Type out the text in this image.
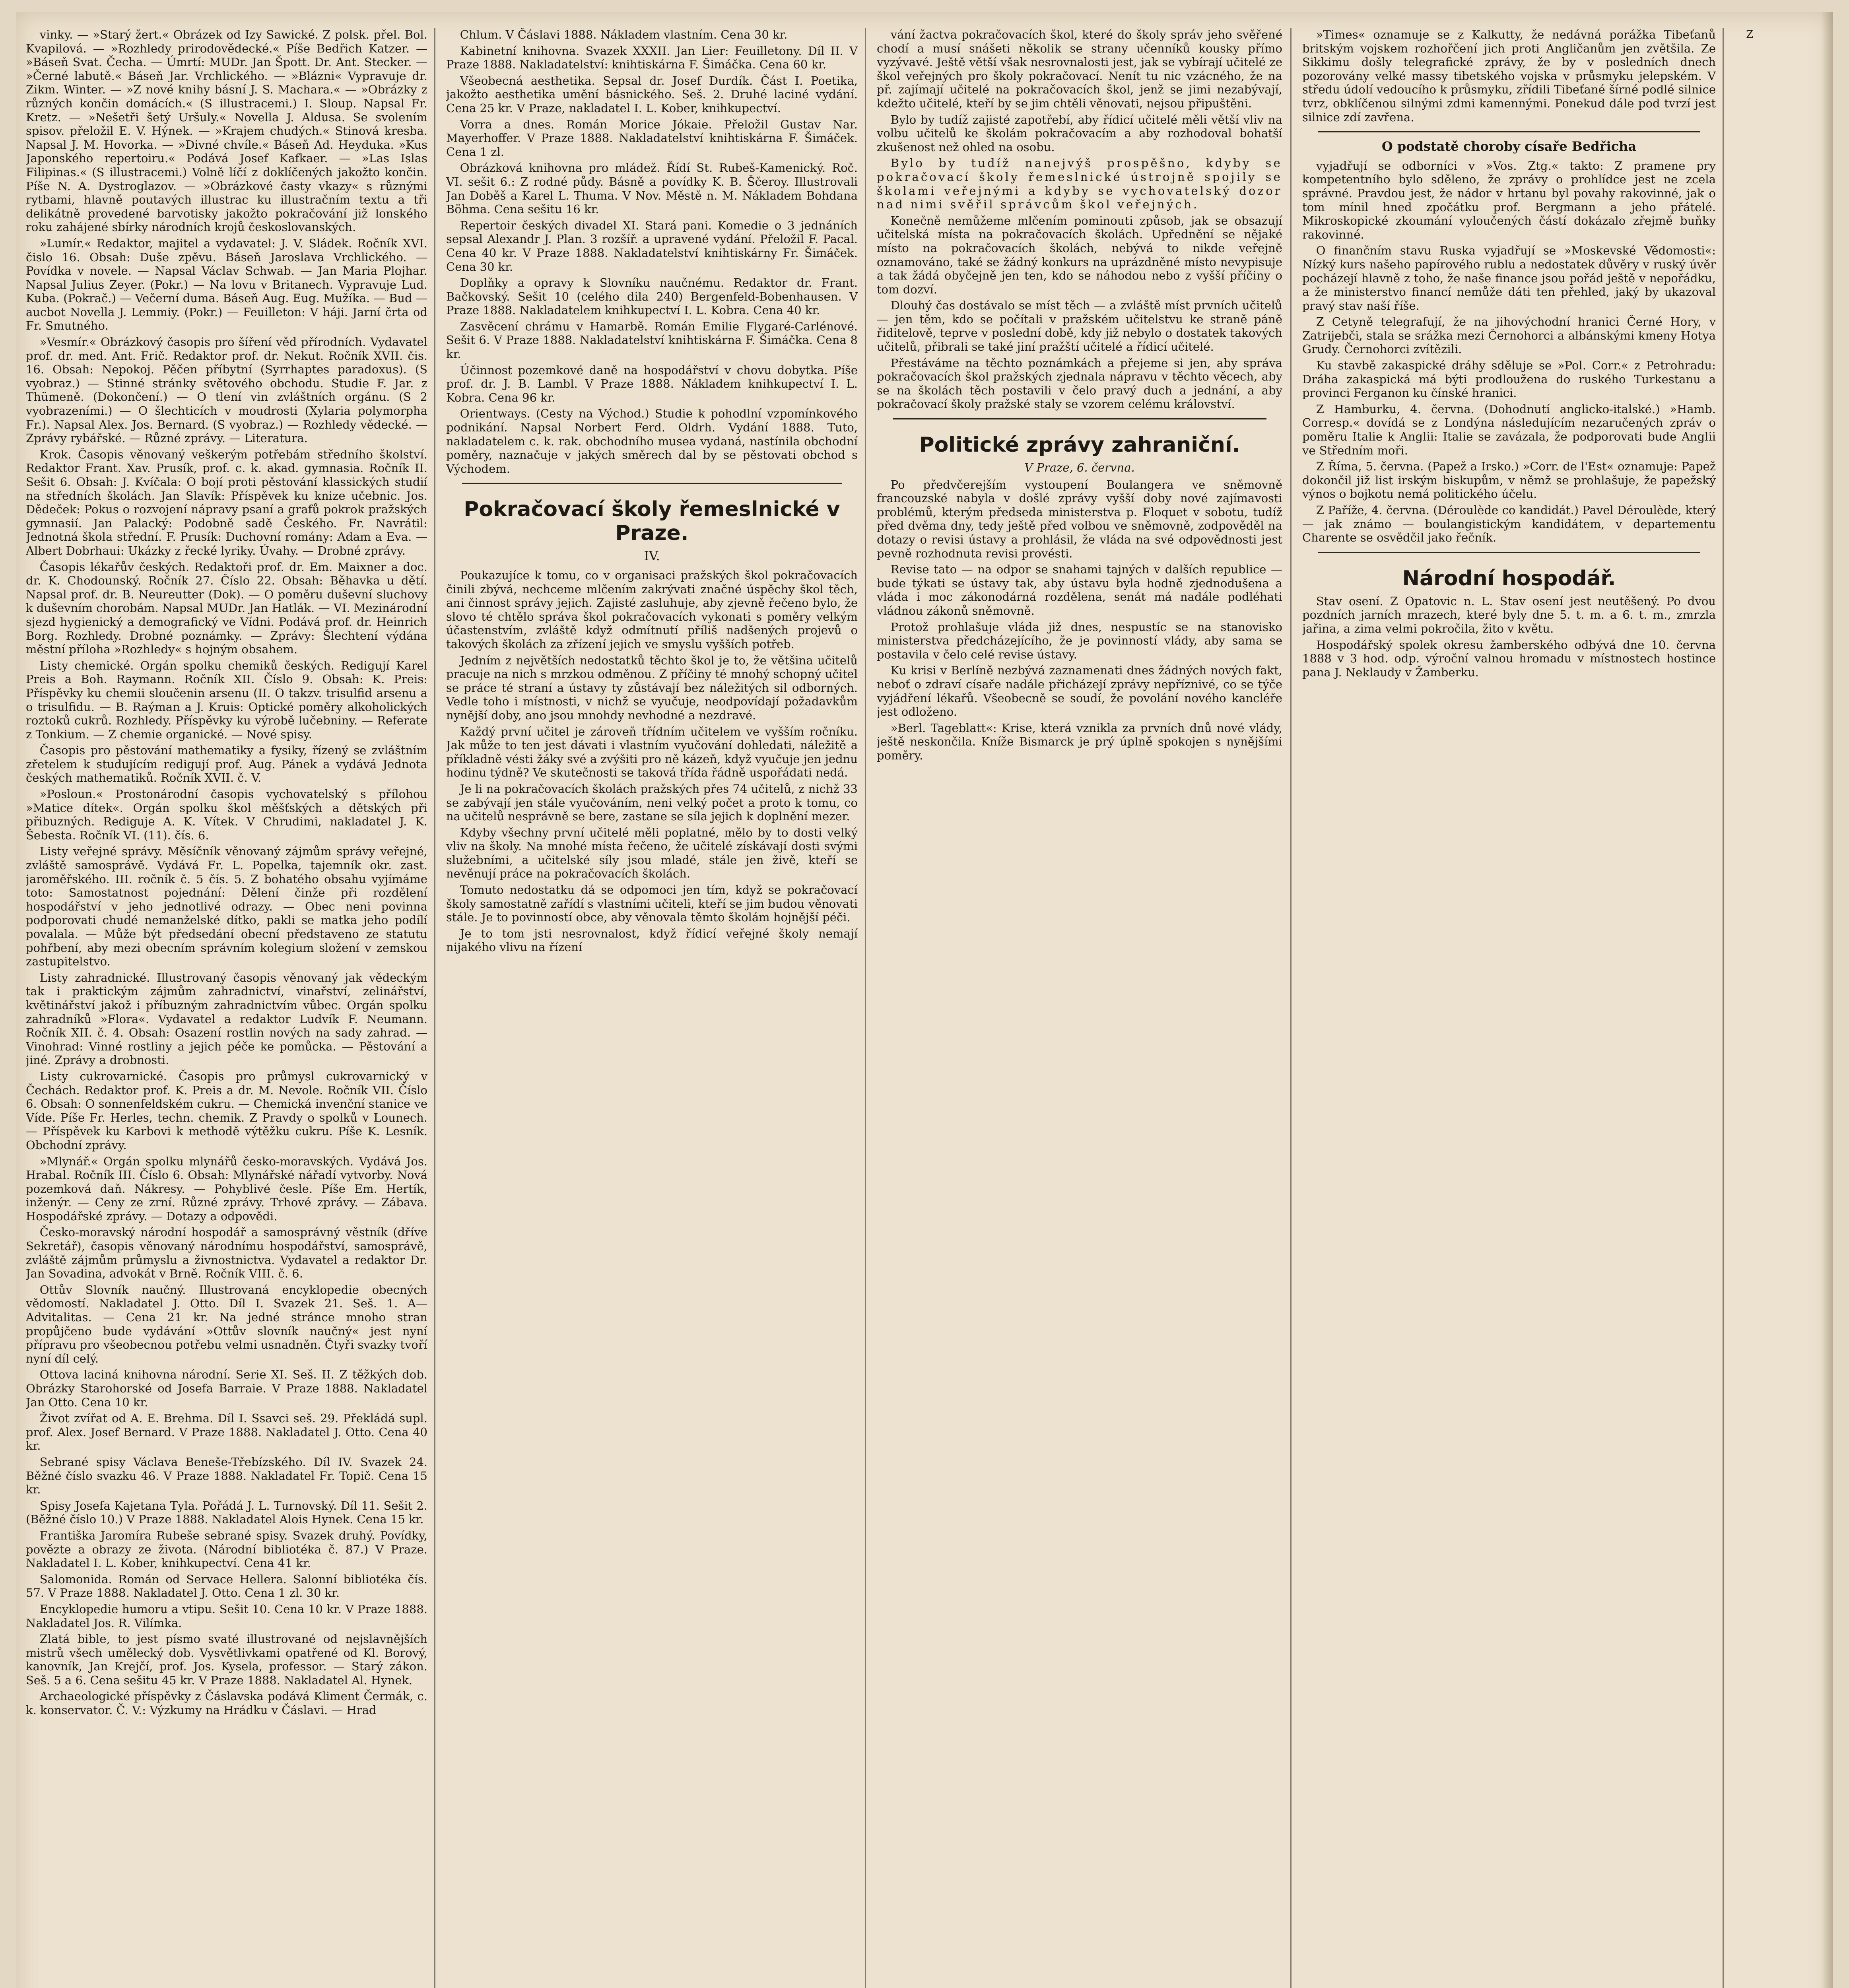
vinky. — »Starý žert.« Obrázek od Izy Sawické. Z polsk. přel. Bol. Kvapilová. — »Rozhledy prirodovědecké.« Píše Bedřich Katzer. — »Báseň Svat. Čecha. — Úmrtí: MUDr. Jan Špott. Dr. Ant. Stecker. — »Černé labutě.« Báseň Jar. Vrchlického. — »Blázni« Vypravuje dr. Zikm. Winter. — »Z nové knihy básní J. S. Machara.« — »Obrázky z různých končin domácích.« (S illustracemi.) I. Sloup. Napsal Fr. Kretz. — »Nešetři šetý Uršuly.« Novella J. Aldusa. Se svolením spisov. přeložil E. V. Hýnek. — »Krajem chudých.« Stinová kresba. Napsal J. M. Hovorka. — »Divné chvíle.« Báseň Ad. Heyduka. »Kus Japonského repertoiru.« Podává Josef Kafkaer. — »Las Islas Filipinas.« (S illustracemi.) Volně líčí z doklíčených jakožto končin. Píše N. A. Dystroglazov. — »Obrázkové časty vkazy« s různými rytbami, hlavně poutavých illustrac ku illustračním textu a tři delikátně provedené barvotisky jakožto pokračování již lonského roku zahájené sbírky národních krojů českoslovanských.

»Lumír.« Redaktor, majitel a vydavatel: J. V. Sládek. Ročník XVI. čislo 16. Obsah: Duše zpěvu. Báseň Jaroslava Vrchlického. — Povídka v novele. — Napsal Václav Schwab. — Jan Maria Plojhar. Napsal Julius Zeyer. (Pokr.) — Na lovu v Britanech. Vypravuje Lud. Kuba. (Pokrač.) — Večerní duma. Báseň Aug. Eug. Mužíka. — Bud — aucbot Novella J. Lemmiy. (Pokr.) — Feuilleton: V háji. Jarní črta od Fr. Smutného.

»Vesmír.« Obrázkový časopis pro šíření věd přírodních. Vydavatel prof. dr. med. Ant. Frič. Redaktor prof. dr. Nekut. Ročník XVII. čis. 16. Obsah: Nepokoj. Pěčen příbytní (Syrrhaptes paradoxus). (S vyobraz.) — Stinné stránky světového obchodu. Studie F. Jar. z Thümeně. (Dokončení.) — O tlení vin zvláštních orgánu. (S 2 vyobrazeními.) — O šlechticích v moudrosti (Xylaria polymorpha Fr.). Napsal Alex. Jos. Bernard. (S vyobraz.) — Rozhledy vědecké. — Zprávy rybářské. — Různé zprávy. — Literatura.

Krok. Časopis věnovaný veškerým potřebám středního školství. Redaktor Frant. Xav. Prusík, prof. c. k. akad. gymnasia. Ročník II. Sešit 6. Obsah: J. Kvíčala: O bojí proti pěstování klassických studií na středních školách. Jan Slavík: Příspěvek ku knize učebnic. Jos. Dědeček: Pokus o rozvojení nápravy psaní a grafů pokrok pražských gymnasií. Jan Palacký: Podobně sadě Českého. Fr. Navrátil: Jednotná škola střední. F. Prusík: Duchovní romány: Adam a Eva. — Albert Dobrhaui: Ukázky z řecké lyriky. Úvahy. — Drobné zprávy.

Časopis lékařův českých. Redaktoři prof. dr. Em. Maixner a doc. dr. K. Chodounský. Ročník 27. Číslo 22. Obsah: Běhavka u dětí. Napsal prof. dr. B. Neureutter (Dok). — O poměru duševní sluchovy k duševním chorobám. Napsal MUDr. Jan Hatlák. — VI. Mezinárodní sjezd hygienický a demografický ve Vídni. Podává prof. dr. Heinrich Borg. Rozhledy. Drobné poznámky. — Zprávy: Šlechtení výdána městní příloha »Rozhledy« s hojným obsahem.

Listy chemické. Orgán spolku chemiků českých. Redigují Karel Preis a Boh. Raymann. Ročník XII. Číslo 9. Obsah: K. Preis: Příspěvky ku chemii sloučenin arsenu (II. O takzv. trisulfid arsenu a o trisulfidu. — B. Raýman a J. Kruis: Optické poměry alkoholických roztoků cukrů. Rozhledy. Příspěvky ku výrobě lučebniny. — Referate z Tonkium. — Z chemie organické. — Nové spisy.

Časopis pro pěstování mathematiky a fysiky, řízený se zvláštním zřetelem k studujícím redigují prof. Aug. Pánek a vydává Jednota českých mathematiků. Ročník XVII. č. V.

»Posloun.« Prostonárodní časopis vychovatelský s přílohou »Matice dítek«. Orgán spolku škol měšťských a dětských při přibuzných. Rediguje A. K. Vítek. V Chrudimi, nakladatel J. K. Šebesta. Ročník VI. (11). čís. 6.

Listy veřejné správy. Měsíčník věnovaný zájmům správy veřejné, zvláště samosprávě. Vydává Fr. L. Popelka, tajemník okr. zast. jaroměřského. III. ročník č. 5 čís. 5. Z bohatého obsahu vyjímáme toto: Samostatnost pojednání: Dělení činže při rozdělení hospodářství v jeho jednotlivé odrazy. — Obec neni povinna podporovati chudé nemanželské dítko, pakli se matka jeho podílí povalala. — Může být předsedání obecní představeno ze statutu pohřbení, aby mezi obecním správním kolegium složení v zemskou zastupitelstvo.

Listy zahradnické. Illustrovaný časopis věnovaný jak vědeckým tak i praktickým zájmům zahradnictví, vinařství, zelinářství, květinářství jakož i příbuzným zahradnictvím vůbec. Orgán spolku zahradníků »Flora«. Vydavatel a redaktor Ludvík F. Neumann. Ročník XII. č. 4. Obsah: Osazení rostlin nových na sady zahrad. — Vinohrad: Vinné rostliny a jejich péče ke pomůcka. — Pěstování a jiné. Zprávy a drobnosti.

Listy cukrovarnické. Časopis pro průmysl cukrovarnický v Čechách. Redaktor prof. K. Preis a dr. M. Nevole. Ročník VII. Číslo 6. Obsah: O sonnenfeldském cukru. — Chemická invenční stanice ve Víde. Píše Fr. Herles, techn. chemik. Z Pravdy o spolků v Lounech. — Příspěvek ku Karbovi k methodě výtěžku cukru. Píše K. Lesník. Obchodní zprávy.

»Mlynář.« Orgán spolku mlynářů česko-moravských. Vydává Jos. Hrabal. Ročník III. Číslo 6. Obsah: Mlynářské nářadí vytvorby. Nová pozemková daň. Nákresy. — Pohyblivé česle. Píše Em. Hertík, inženýr. — Ceny ze zrní. Různé zprávy. Trhové zprávy. — Zábava. Hospodářské zprávy. — Dotazy a odpovědi.

Česko-moravský národní hospodář a samosprávný věstník (dříve Sekretář), časopis věnovaný národnímu hospodářství, samosprávě, zvláště zájmům průmyslu a živnostnictva. Vydavatel a redaktor Dr. Jan Sovadina, advokát v Brně. Ročník VIII. č. 6.

Ottův Slovník naučný. Illustrovaná encyklopedie obecných vědomostí. Nakladatel J. Otto. Díl I. Svazek 21. Seš. 1. A—Advitalitas. — Cena 21 kr. Na jedné stránce mnoho stran propůjčeno bude vydávání »Ottův slovník naučný« jest nyní přípravu pro všeobecnou potřebu velmi usnadněn. Čtyři svazky tvoří nyní díl celý.

Ottova laciná knihovna národní. Serie XI. Seš. II. Z těžkých dob. Obrázky Starohorské od Josefa Barraie. V Praze 1888. Nakladatel Jan Otto. Cena 10 kr.

Život zvířat od A. E. Brehma. Díl I. Ssavci seš. 29. Překládá supl. prof. Alex. Josef Bernard. V Praze 1888. Nakladatel J. Otto. Cena 40 kr.

Sebrané spisy Václava Beneše-Třebízského. Díl IV. Svazek 24. Běžné číslo svazku 46. V Praze 1888. Nakladatel Fr. Topič. Cena 15 kr.

Spisy Josefa Kajetana Tyla. Pořádá J. L. Turnovský. Díl 11. Sešit 2. (Běžné číslo 10.) V Praze 1888. Nakladatel Alois Hynek. Cena 15 kr.

Františka Jaromíra Rubeše sebrané spisy. Svazek druhý. Povídky, povězte a obrazy ze života. (Národní bibliotéka č. 87.) V Praze. Nakladatel I. L. Kober, knihkupectví. Cena 41 kr.

Salomonida. Román od Servace Hellera. Salonní bibliotéka čís. 57. V Praze 1888. Nakladatel J. Otto. Cena 1 zl. 30 kr.

Encyklopedie humoru a vtipu. Sešit 10. Cena 10 kr. V Praze 1888. Nakladatel Jos. R. Vilímka.

Zlatá bible, to jest písmo svaté illustrované od nejslavnějších mistrů všech umělecký dob. Vysvětlivkami opatřené od Kl. Borový, kanovník, Jan Krejčí, prof. Jos. Kysela, professor. — Starý zákon. Seš. 5 a 6. Cena sešitu 45 kr. V Praze 1888. Nakladatel Al. Hynek.

Archaeologické příspěvky z Čáslavska podává Kliment Čermák, c. k. konservator. Č. V.: Výzkumy na Hrádku v Čáslavi. — Hrad

Chlum. V Čáslavi 1888. Nákladem vlastním. Cena 30 kr.

Kabinetní knihovna. Svazek XXXII. Jan Lier: Feuilletony. Díl II. V Praze 1888. Nakladatelství: knihtiskárna F. Šimáčka. Cena 60 kr.

Všeobecná aesthetika. Sepsal dr. Josef Durdík. Část I. Poetika, jakožto aesthetika umění básnického. Seš. 2. Druhé laciné vydání. Cena 25 kr. V Praze, nakladatel I. L. Kober, knihkupectví.

Vorra a dnes. Román Morice Jókaie. Přeložil Gustav Nar. Mayerhoffer. V Praze 1888. Nakladatelství knihtiskárna F. Šimáček. Cena 1 zl.

Obrázková knihovna pro mládež. Řídí St. Rubeš-Kamenický. Roč. VI. sešit 6.: Z rodné půdy. Básně a povídky K. B. Ščeroy. Illustrovali Jan Doběš a Karel L. Thuma. V Nov. Městě n. M. Nákladem Bohdana Böhma. Cena sešitu 16 kr.

Repertoir českých divadel XI. Stará pani. Komedie o 3 jednáních sepsal Alexandr J. Plan. 3 rozšíř. a upravené vydání. Přeložil F. Pacal. Cena 40 kr. V Praze 1888. Nakladatelství knihtiskárny Fr. Šimáček. Cena 30 kr.

Doplňky a opravy k Slovníku naučnému. Redaktor dr. Frant. Bačkovský. Sešit 10 (celého dila 240) Bergenfeld-Bobenhausen. V Praze 1888. Nakladatelem knihkupectví I. L. Kobra. Cena 40 kr.

Zasvěcení chrámu v Hamarbě. Román Emilie Flygaré-Carlénové. Sešit 6. V Praze 1888. Nakladatelství knihtiskárna F. Šimáčka. Cena 8 kr.

Účinnost pozemkové daně na hospodářství v chovu dobytka. Píše prof. dr. J. B. Lambl. V Praze 1888. Nákladem knihkupectví I. L. Kobra. Cena 96 kr.

Orientways. (Cesty na Východ.) Studie k pohodlní vzpomínkového podnikání. Napsal Norbert Ferd. Oldrh. Vydání 1888. Tuto, nakladatelem c. k. rak. obchodního musea vydaná, nastínila obchodní poměry, naznačuje v jakých směrech dal by se pěstovati obchod s Východem.

Pokračovací školy řemeslnické v Praze.
IV.

Poukazujíce k tomu, co v organisaci pražských škol pokračovacích činili zbývá, nechceme mlčením zakrývati značné úspěchy škol těch, ani činnost správy jejich. Zajisté zasluhuje, aby zjevně řečeno bylo, že slovo té chtělo správa škol pokračovacích vykonati s poměry velkým účastenstvím, zvláště když odmítnutí příliš nadšených projevů o takových školách za zřízení jejich ve smyslu vyšších potřeb.

Jedním z největších nedostatků těchto škol je to, že většina učitelů pracuje na nich s mrzkou odměnou. Z příčiny té mnohý schopný učitel se práce té straní a ústavy ty zůstávají bez náležitých sil odborných. Vedle toho i místnosti, v nichž se vyučuje, neodpovídají požadavkům nynější doby, ano jsou mnohdy nevhodné a nezdravé.

Každý první učitel je zároveň třídním učitelem ve vyšším ročníku. Jak může to ten jest dávati i vlastním vyučování dohledati, náležitě a příkladně vésti žáky své a zvýšiti pro ně kázeň, když vyučuje jen jednu hodinu týdně? Ve skutečnosti se taková třída řádně uspořádati nedá.

Je li na pokračovacích školách pražských přes 74 učitelů, z nichž 33 se zabývají jen stále vyučováním, neni velký počet a proto k tomu, co na učitelů nesprávně se bere, zastane se síla jejich k doplnění mezer.

Kdyby všechny první učitelé měli poplatné, mělo by to dosti velký vliv na školy. Na mnohé místa řečeno, že učitelé získávají dosti svými služebními, a učitelské síly jsou mladé, stále jen živě, kteří se nevěnují práce na pokračovacích školách.

Tomuto nedostatku dá se odpomoci jen tím, když se pokračovací školy samostatně zařídí s vlastními učiteli, kteří se jim budou věnovati stále. Je to povinností obce, aby věnovala těmto školám hojnější péči.

Je to tom jsti nesrovnalost, když řídicí veřejné školy nemají nijakého vlivu na řízení

vání žactva pokračovacích škol, které do školy správ jeho svěřené chodí a musí snášeti několik se strany učenníků kousky přímo vyzývavé. Ještě větší však nesrovnalosti jest, jak se vybírají učitelé ze škol veřejných pro školy pokračovací. Nenít tu nic vzácného, že na př. zajímají učitelé na pokračovacích škol, jenž se jimi nezabývají, kdežto učitelé, kteří by se jim chtěli věnovati, nejsou připuštěni.

Bylo by tudíž zajisté zapotřebí, aby řídicí učitelé měli větší vliv na volbu učitelů ke školám pokračovacím a aby rozhodoval bohatší zkušenost než ohled na osobu.

Bylo by tudíž nanejvýš prospěšno, kdyby se pokračovací školy řemeslnické ústrojně spojily se školami veřejnými a kdyby se vychovatelský dozor nad nimi svěřil správcům škol veřejných.

Konečně nemůžeme mlčením pominouti způsob, jak se obsazují učitelská místa na pokračovacích školách. Upřednění se nějaké místo na pokračovacích školách, nebývá to nikde veřejně oznamováno, také se žádný konkurs na uprázdněné místo nevypisuje a tak žádá obyčejně jen ten, kdo se náhodou nebo z vyšší příčiny o tom dozví.

Dlouhý čas dostávalo se míst těch — a zvláště míst prvních učitelů — jen těm, kdo se počítali v pražském učitelstvu ke straně páně řiditelově, teprve v poslední době, kdy již nebylo o dostatek takových učitelů, přibrali se také jiní pražští učitelé a řídicí učitelé.

Přestáváme na těchto poznámkách a přejeme si jen, aby správa pokračovacích škol pražských zjednala nápravu v těchto věcech, aby se na školách těch postavili v čelo pravý duch a jednání, a aby pokračovací školy pražské staly se vzorem celému království.

Politické zprávy zahraniční.
V Praze, 6. června.

Po předvčerejším vystoupení Boulangera ve sněmovně francouzské nabyla v došlé zprávy vyšší doby nové zajímavosti problémů, kterým předseda ministerstva p. Floquet v sobotu, tudíž před dvěma dny, tedy ještě před volbou ve sněmovně, zodpověděl na dotazy o revisi ústavy a prohlásil, že vláda na své odpovědnosti jest pevně rozhodnuta revisi provésti.

Revise tato — na odpor se snahami tajných v dalších republice — bude týkati se ústavy tak, aby ústavu byla hodně zjednodušena a vláda i moc zákonodárná rozdělena, senát má nadále podléhati vládnou zákonů sněmovně.

Protož prohlašuje vláda již dnes, nespustíc se na stanovisko ministerstva předcházejícího, že je povinností vlády, aby sama se postavila v čelo celé revise ústavy.

Ku krisi v Berlíně nezbývá zaznamenati dnes žádných nových fakt, neboť o zdraví císaře nadále přicházejí zprávy nepříznivé, co se týče vyjádření lékařů. Všeobecně se soudí, že povolání nového kancléře jest odloženo.

»Berl. Tageblatt«: Krise, která vznikla za prvních dnů nové vlády, ještě neskončila. Kníže Bismarck je prý úplně spokojen s nynějšími poměry.

»Times« oznamuje se z Kalkutty, že nedávná porážka Tibeťanů britským vojskem rozhořčení jich proti Angličanům jen zvětšila. Ze Sikkimu došly telegrafické zprávy, že by v posledních dnech pozorovány velké massy tibetského vojska v průsmyku jelepském. V středu údolí vedoucího k průsmyku, zřídili Tibeťané šírné podlé silnice tvrz, obklíčenou silnými zdmi kamennými. Ponekud dále pod tvrzí jest silnice zdí zavřena.

O podstatě choroby císaře Bedřicha

vyjadřují se odborníci v »Vos. Ztg.« takto: Z pramene pry kompetentního bylo sděleno, že zprávy o prohlídce jest ne zcela správné. Pravdou jest, že nádor v hrtanu byl povahy rakovinné, jak o tom mínil hned zpočátku prof. Bergmann a jeho přátelé. Mikroskopické zkoumání vyloučených částí dokázalo zřejmě buňky rakovinné.

O finančním stavu Ruska vyjadřují se »Moskevské Vědomosti«: Nízký kurs našeho papírového rublu a nedostatek důvěry v ruský úvěr pocházejí hlavně z toho, že naše finance jsou pořád ještě v nepořádku, a že ministerstvo financí nemůže dáti ten přehled, jaký by ukazoval pravý stav naší říše.

Z Cetyně telegrafují, že na jihovýchodní hranici Černé Hory, v Zatrijebči, stala se srážka mezi Černohorci a albánskými kmeny Hotya Grudy. Černohorci zvítězili.

Ku stavbě zakaspické dráhy sděluje se »Pol. Corr.« z Petrohradu: Dráha zakaspická má býti prodloužena do ruského Turkestanu a provinci Ferganon ku čínské hranici.

Z Hamburku, 4. června. (Dohodnutí anglicko-italské.) »Hamb. Corresp.« dovídá se z Londýna následujícím nezaručených zpráv o poměru Italie k Anglii: Italie se zavázala, že podporovati bude Anglii ve Středním moři.

Z Říma, 5. června. (Papež a Irsko.) »Corr. de l'Est« oznamuje: Papež dokončil již list irským biskupům, v němž se prohlašuje, že papežský výnos o bojkotu nemá politického účelu.

Z Paříže, 4. června. (Déroulède co kandidát.) Pavel Déroulède, který — jak známo — boulangistickým kandidátem, v departementu Charente se osvědčil jako řečník.

Národní hospodář.

Stav osení. Z Opatovic n. L. Stav osení jest neutěšený. Po dvou pozdních jarních mrazech, které byly dne 5. t. m. a 6. t. m., zmrzla jařina, a zima velmi pokročila, žito v květu.

Hospodářský spolek okresu žamberského odbývá dne 10. června 1888 v 3 hod. odp. výroční valnou hromadu v místnostech hostince pana J. Neklaudy v Žamberku.

Z
